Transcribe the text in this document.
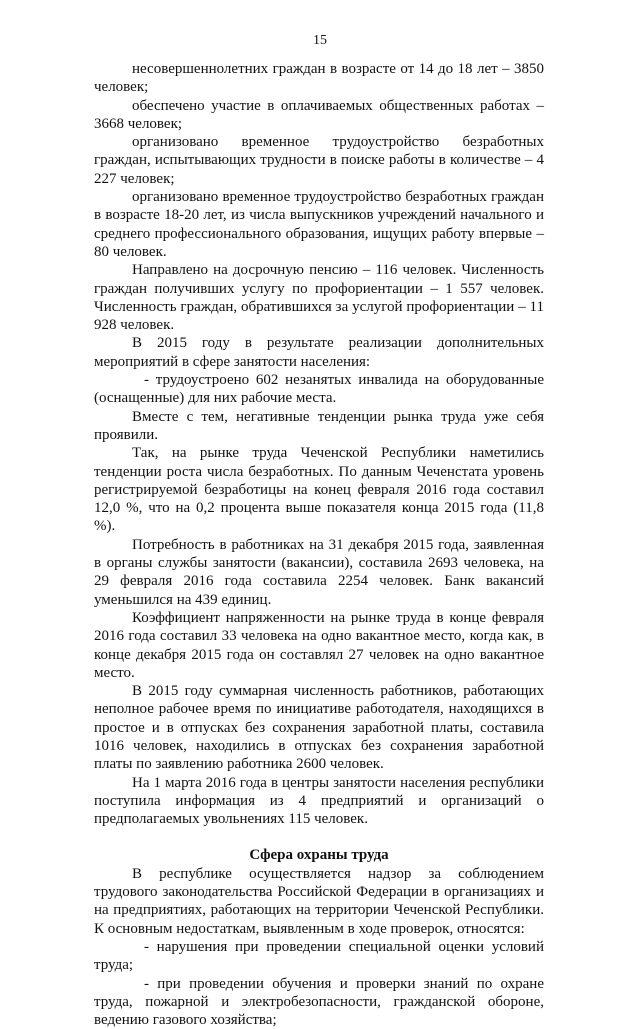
15

несовершеннолетних граждан в возрасте от 14 до 18 лет – 3850 человек;

обеспечено участие в оплачиваемых общественных работах – 3668 человек;

организовано временное трудоустройство безработных граждан, испытывающих трудности в поиске работы в количестве – 4 227 человек;

организовано временное трудоустройство безработных граждан в возрасте 18-20 лет, из числа выпускников учреждений начального и среднего профессионального образования, ищущих работу впервые – 80 человек.

Направлено на досрочную пенсию – 116 человек. Численность граждан получивших услугу по профориентации – 1 557 человек. Численность граждан, обратившихся за услугой профориентации – 11 928 человек.

В 2015 году в результате реализации дополнительных мероприятий в сфере занятости населения:

- трудоустроено 602 незанятых инвалида на оборудованные (оснащенные) для них рабочие места.

Вместе с тем, негативные тенденции рынка труда уже себя проявили.

Так, на рынке труда Чеченской Республики наметились тенденции роста числа безработных. По данным Чеченстата уровень регистрируемой безработицы на конец февраля 2016 года составил 12,0 %, что на 0,2 процента выше показателя конца 2015 года (11,8 %).

Потребность в работниках на 31 декабря 2015 года, заявленная в органы службы занятости (вакансии), составила 2693 человека, на 29 февраля 2016 года составила 2254 человек. Банк вакансий уменьшился на 439 единиц.

Коэффициент напряженности на рынке труда в конце февраля 2016 года составил 33 человека на одно вакантное место, когда как, в конце декабря 2015 года он составлял 27 человек на одно вакантное место.

В 2015 году суммарная численность работников, работающих неполное рабочее время по инициативе работодателя, находящихся в простое и в отпусках без сохранения заработной платы, составила 1016 человек, находились в отпусках без сохранения заработной платы по заявлению работника 2600 человек.

На 1 марта 2016 года в центры занятости населения республики поступила информация из 4 предприятий и организаций о предполагаемых увольнениях 115 человек.

Сфера охраны труда

В республике осуществляется надзор за соблюдением трудового законодательства Российской Федерации в организациях и на предприятиях, работающих на территории Чеченской Республики. К основным недостаткам, выявленным в ходе проверок, относятся:

- нарушения при проведении специальной оценки условий труда;

- при проведении обучения и проверки знаний по охране труда, пожарной и электробезопасности, гражданской обороне, ведению газового хозяйства;
